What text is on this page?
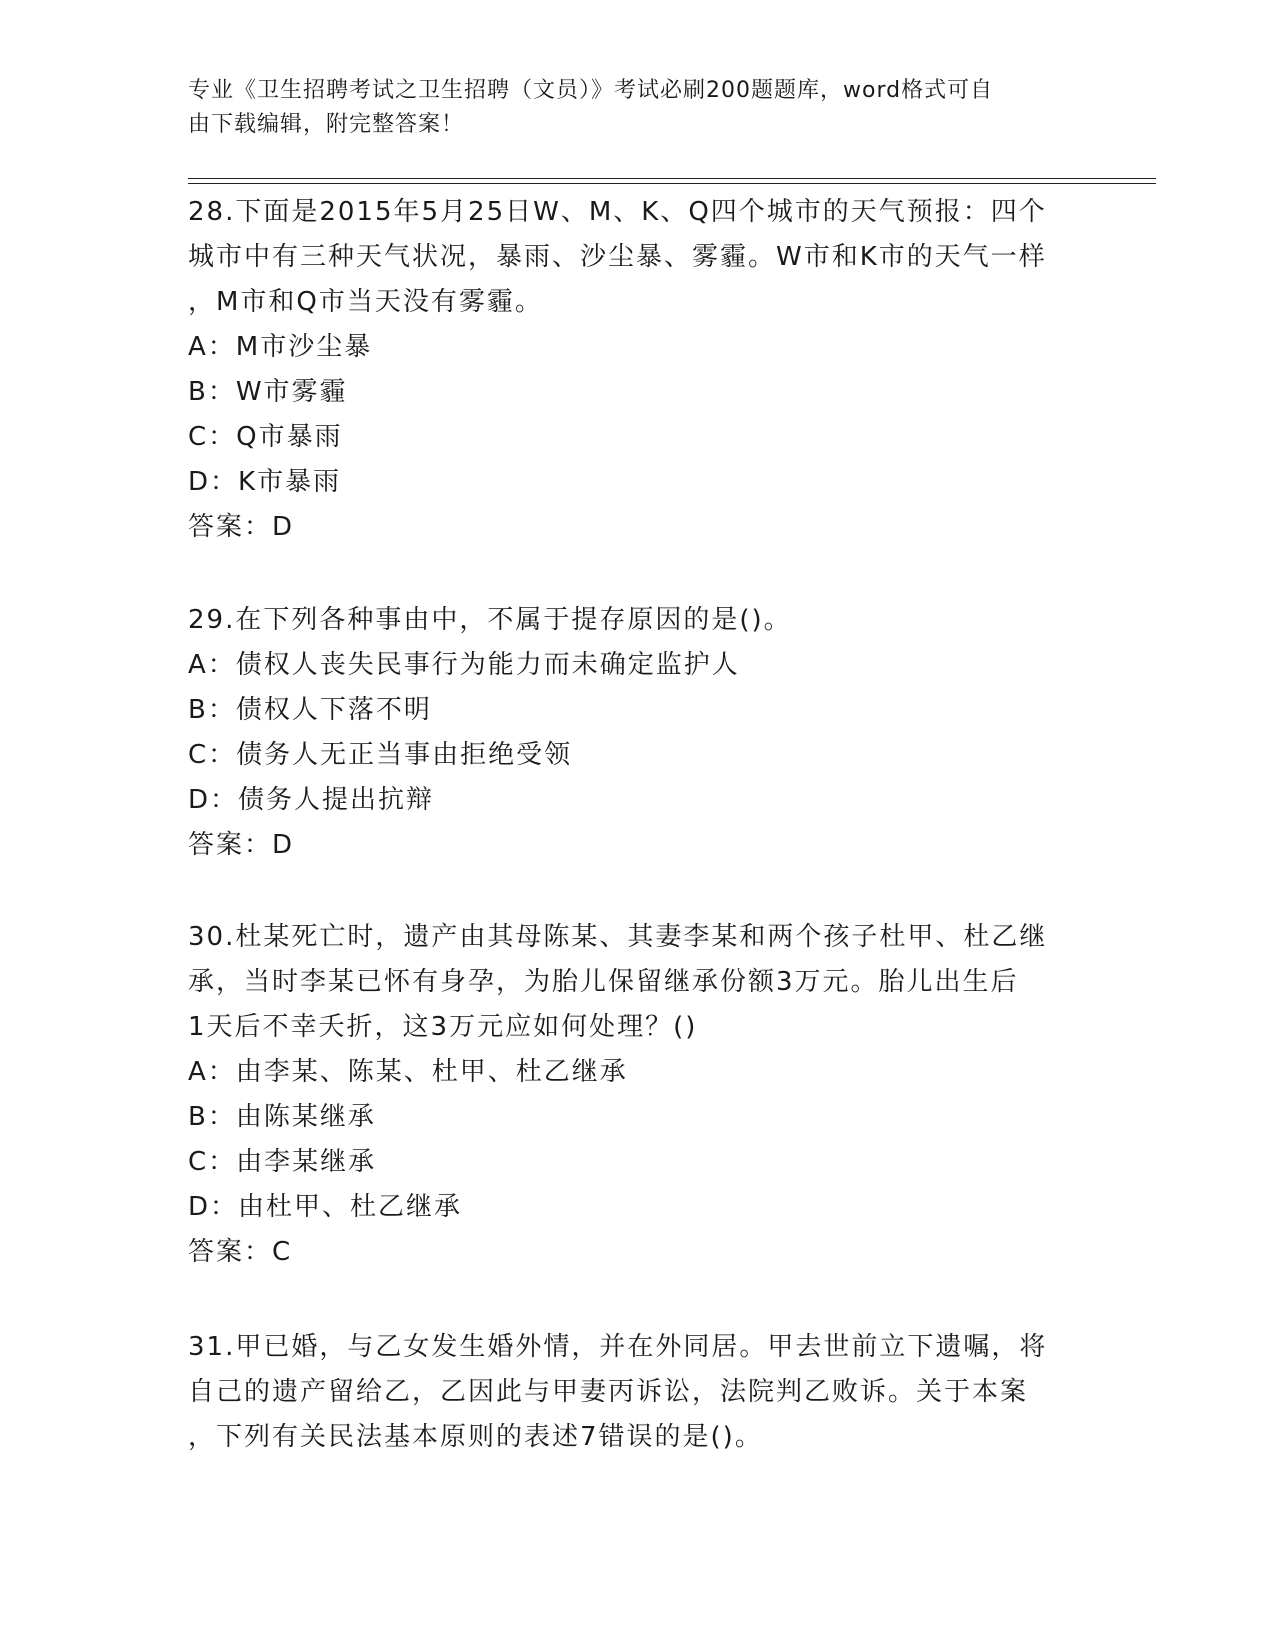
专业《卫生招聘考试之卫生招聘（文员）》考试必刷200题题库，word格式可自
由下载编辑，附完整答案！

28.下面是2015年5月25日W、M、K、Q四个城市的天气预报：四个

城市中有三种天气状况，暴雨、沙尘暴、雾霾。W市和K市的天气一样

，M市和Q市当天没有雾霾。

A：M市沙尘暴

B：W市雾霾

C：Q市暴雨

D：K市暴雨

答案：D

29.在下列各种事由中，不属于提存原因的是()。

A：债权人丧失民事行为能力而未确定监护人

B：债权人下落不明

C：债务人无正当事由拒绝受领

D：债务人提出抗辩

答案：D

30.杜某死亡时，遗产由其母陈某、其妻李某和两个孩子杜甲、杜乙继

承，当时李某已怀有身孕，为胎儿保留继承份额3万元。胎儿出生后

1天后不幸夭折，这3万元应如何处理？()

A：由李某、陈某、杜甲、杜乙继承

B：由陈某继承

C：由李某继承

D：由杜甲、杜乙继承

答案：C

31.甲已婚，与乙女发生婚外情，并在外同居。甲去世前立下遗嘱，将

自己的遗产留给乙，乙因此与甲妻丙诉讼，法院判乙败诉。关于本案

，下列有关民法基本原则的表述7错误的是()。
